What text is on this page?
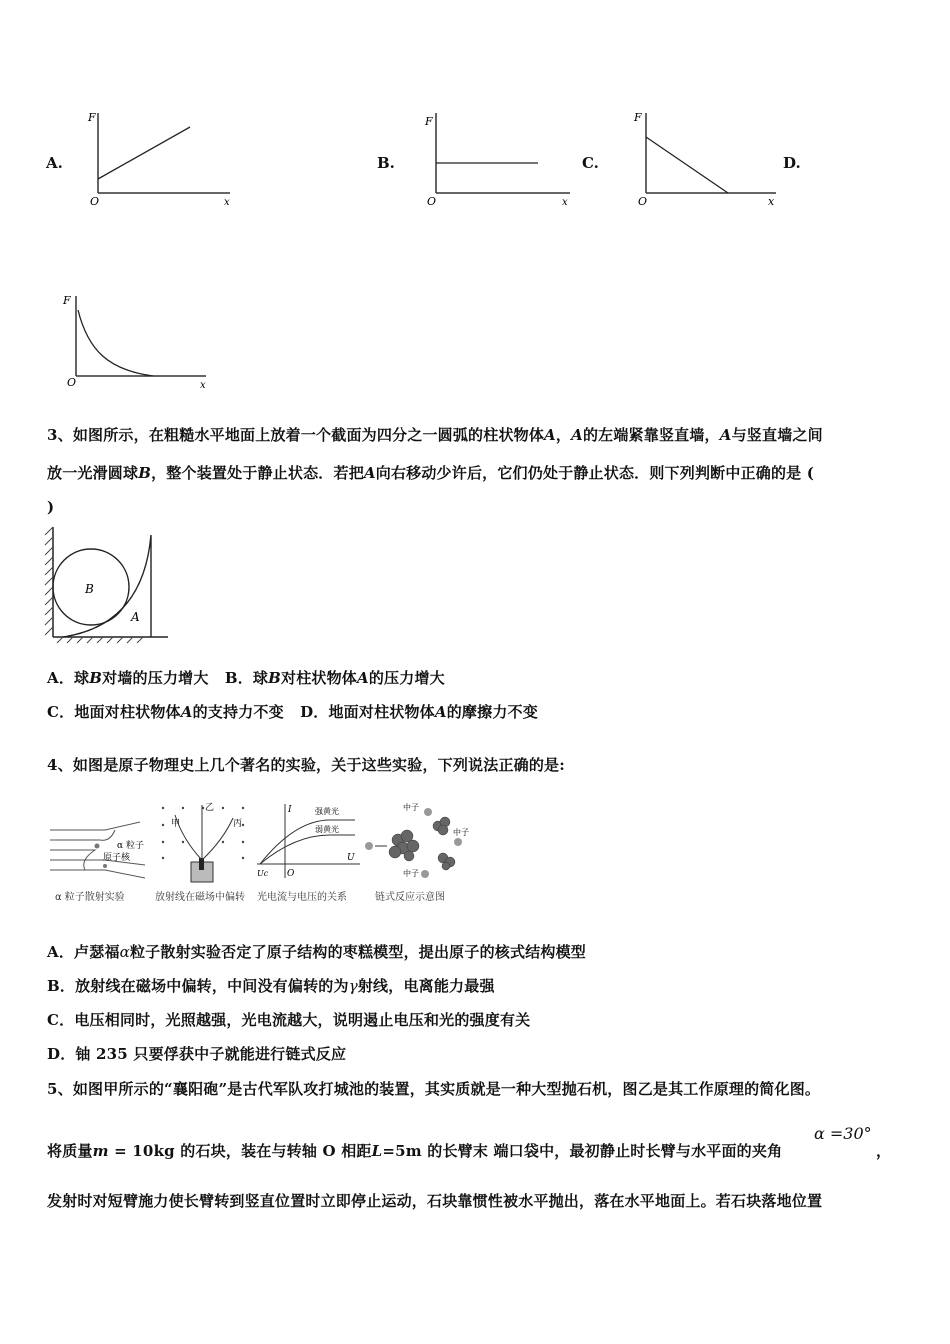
A.
F
x
O
B.
F
x
O
C.
F
x
O
D.
F
x
O
3、如图所示，在粗糙水平地面上放着一个截面为四分之一圆弧的柱状物体A，A的左端紧靠竖直墙，A与竖直墙之间
放一光滑圆球B，整个装置处于静止状态．若把A向右移动少许后，它们仍处于静止状态．则下列判断中正确的是 (
)
B
A
A．球B对墙的压力增大 B．球B对柱状物体A的压力增大
C．地面对柱状物体A的支持力不变 D．地面对柱状物体A的摩擦力不变
4、如图是原子物理史上几个著名的实验，关于这些实验，下列说法正确的是:
α 粒子
原子核
α 粒子散射实验
甲
乙
丙
放射线在磁场中偏转
I
U
O
Uc
强黄光
弱黄光
光电流与电压的关系
中子
中子
中子
链式反应示意图
A．卢瑟福α粒子散射实验否定了原子结构的枣糕模型，提出原子的核式结构模型
B．放射线在磁场中偏转，中间没有偏转的为γ射线，电离能力最强
C．电压相同时，光照越强，光电流越大，说明遏止电压和光的强度有关
D．铀 235 只要俘获中子就能进行链式反应
5、如图甲所示的“襄阳砲”是古代军队攻打城池的装置，其实质就是一种大型抛石机，图乙是其工作原理的简化图。
将质量m = 10kg 的石块，装在与转轴 O 相距L=5m 的长臂末 端口袋中，最初静止时长臂与水平面的夹角
α =30°
，
发射时对短臂施力使长臂转到竖直位置时立即停止运动，石块靠惯性被水平抛出，落在水平地面上。若石块落地位置
